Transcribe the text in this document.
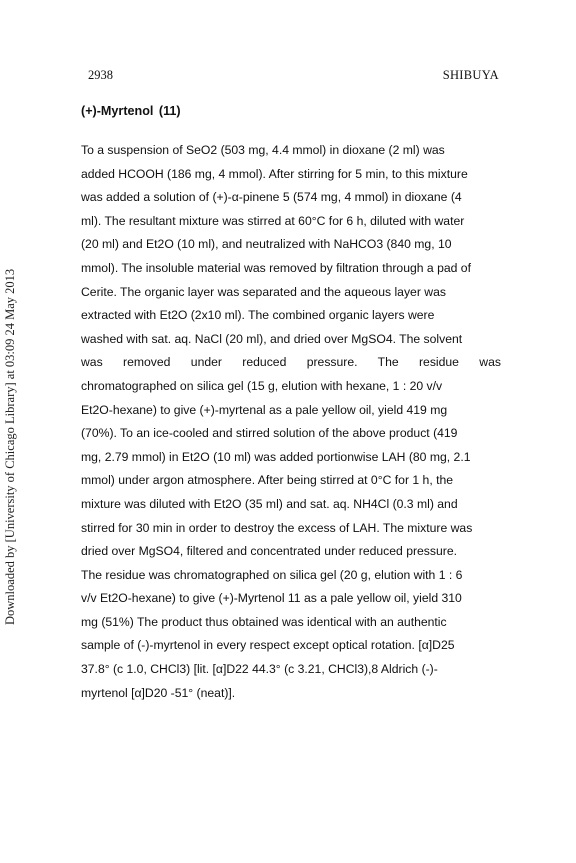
2938	SHIBUYA
Downloaded by [University of Chicago Library] at 03:09 24 May 2013
(+)-Myrtenol (11)
To a suspension of SeO2 (503 mg, 4.4 mmol) in dioxane (2 ml) was
added HCOOH (186 mg, 4 mmol). After stirring for 5 min, to this mixture
was added a solution of (+)-α-pinene 5 (574 mg, 4 mmol) in dioxane (4
ml). The resultant mixture was stirred at 60°C for 6 h, diluted with water
(20 ml) and Et2O (10 ml), and neutralized with NaHCO3 (840 mg, 10
mmol). The insoluble material was removed by filtration through a pad of
Cerite. The organic layer was separated and the aqueous layer was
extracted with Et2O (2x10 ml). The combined organic layers were
washed with sat. aq. NaCl (20 ml), and dried over MgSO4. The solvent
was removed under reduced pressure. The residue was
chromatographed on silica gel (15 g, elution with hexane, 1 : 20 v/v
Et2O-hexane) to give (+)-myrtenal as a pale yellow oil, yield 419 mg
(70%). To an ice-cooled and stirred solution of the above product (419
mg, 2.79 mmol) in Et2O (10 ml) was added portionwise LAH (80 mg, 2.1
mmol) under argon atmosphere. After being stirred at 0°C for 1 h, the
mixture was diluted with Et2O (35 ml) and sat. aq. NH4Cl (0.3 ml) and
stirred for 30 min in order to destroy the excess of LAH. The mixture was
dried over MgSO4, filtered and concentrated under reduced pressure.
The residue was chromatographed on silica gel (20 g, elution with 1 : 6
v/v Et2O-hexane) to give (+)-Myrtenol 11 as a pale yellow oil, yield 310
mg (51%) The product thus obtained was identical with an authentic
sample of (-)-myrtenol in every respect except optical rotation. [α]D25
37.8° (c 1.0, CHCl3) [lit. [α]D22 44.3° (c 3.21, CHCl3),8 Aldrich (-)-
myrtenol [α]D20 -51° (neat)].
